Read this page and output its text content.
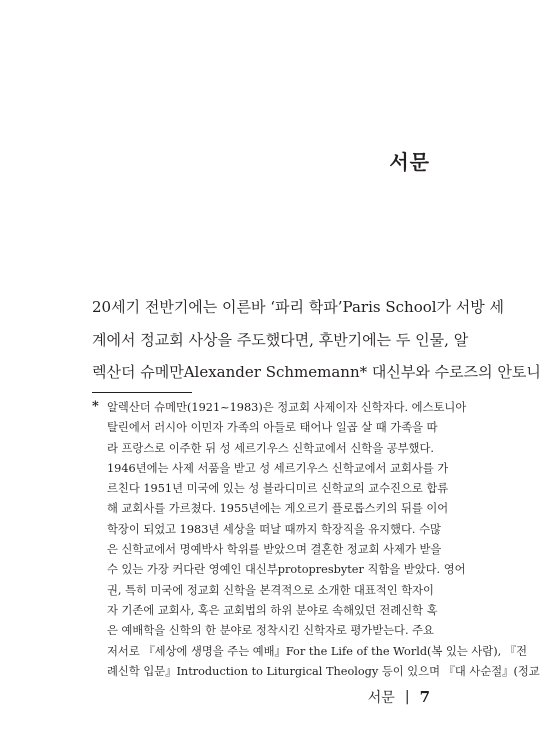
서문
20세기 전반기에는 이른바 ‘파리 학파’Paris School가 서방 세
계에서 정교회 사상을 주도했다면, 후반기에는 두 인물, 알
렉산더 슈메만Alexander Schmemann* 대신부와 수로즈의 안토니
* 알렉산더 슈메만(1921~1983)은 정교회 사제이자 신학자다. 에스토니아
탈린에서 러시아 이민자 가족의 아들로 태어나 일곱 살 때 가족을 따
라 프랑스로 이주한 뒤 성 세르기우스 신학교에서 신학을 공부했다.
1946년에는 사제 서품을 받고 성 세르기우스 신학교에서 교회사를 가
르친다 1951년 미국에 있는 성 블라디미르 신학교의 교수진으로 합류
해 교회사를 가르쳤다. 1955년에는 게오르기 플로롭스키의 뒤를 이어
학장이 되었고 1983년 세상을 떠날 때까지 학장직을 유지했다. 수많
은 신학교에서 명예박사 학위를 받았으며 결혼한 정교회 사제가 받을
수 있는 가장 커다란 영예인 대신부protopresbyter 직함을 받았다. 영어
권, 특히 미국에 정교회 신학을 본격적으로 소개한 대표적인 학자이
자 기존에 교회사, 혹은 교회법의 하위 분야로 속해있던 전례신학 혹
은 예배학을 신학의 한 분야로 정착시킨 신학자로 평가받는다. 주요
저서로 『세상에 생명을 주는 예배』For the Life of the World(복 있는 사람), 『전
례신학 입문』Introduction to Liturgical Theology 등이 있으며 『대 사순절』(정교
서문 | 7
